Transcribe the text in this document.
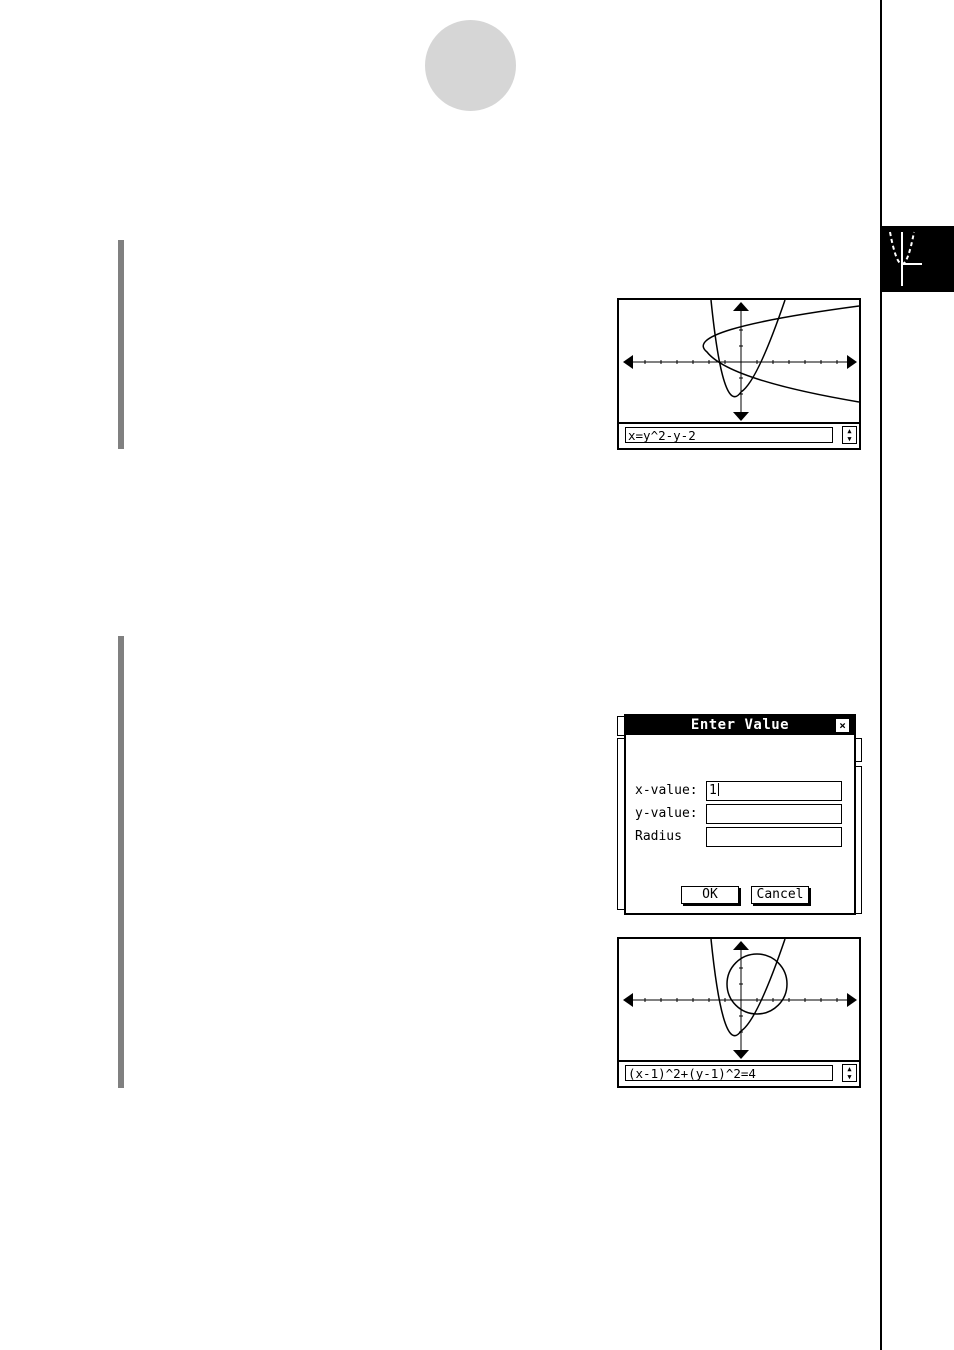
x=y^2-y-2	▲
▼
Enter Value	×
x-value: 1
y-value:
Radius
OK	Cancel
(x-1)^2+(y-1)^2=4	▲
▼
